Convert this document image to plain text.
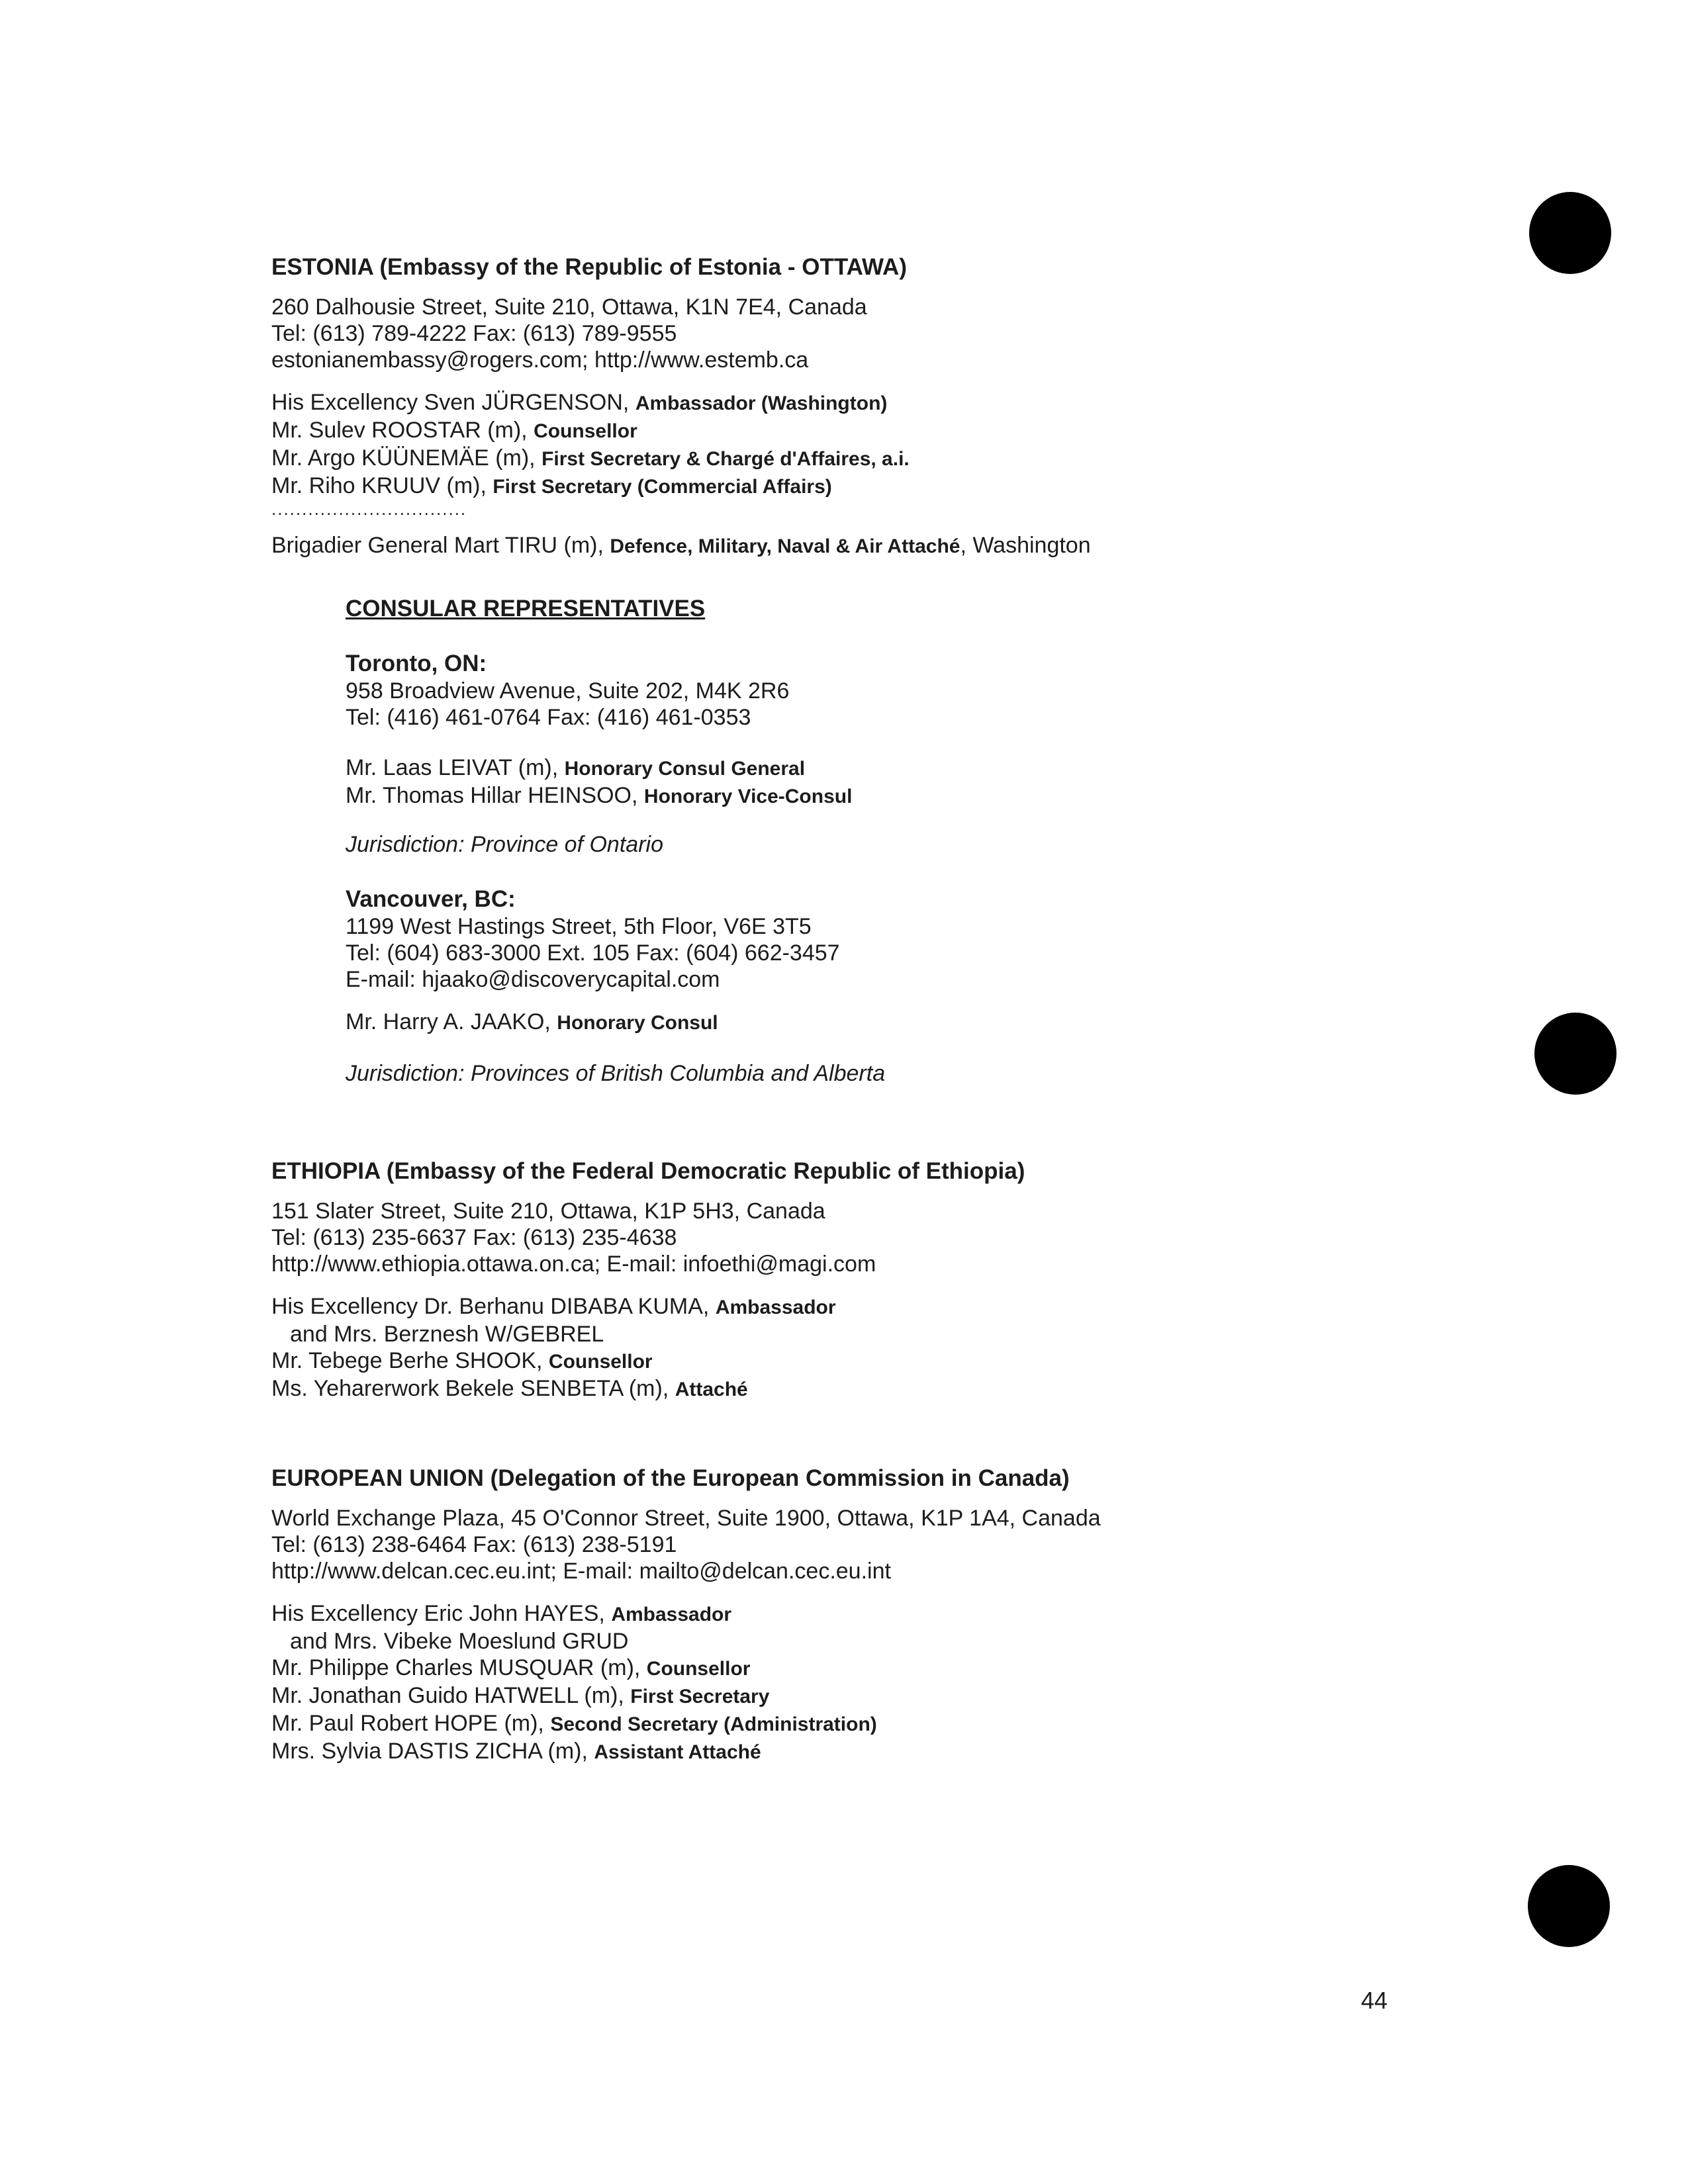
ESTONIA (Embassy of the Republic of Estonia - OTTAWA)
260 Dalhousie Street, Suite 210, Ottawa, K1N 7E4, Canada
Tel: (613) 789-4222 Fax: (613) 789-9555
estonianembassy@rogers.com; http://www.estemb.ca
His Excellency Sven JÜRGENSON, Ambassador (Washington)
Mr. Sulev ROOSTAR (m), Counsellor
Mr. Argo KÜÜNEMÄE (m), First Secretary & Chargé d'Affaires, a.i.
Mr. Riho KRUUV (m), First Secretary (Commercial Affairs)
................................
Brigadier General Mart TIRU (m), Defence, Military, Naval & Air Attaché, Washington
CONSULAR REPRESENTATIVES
Toronto, ON:
958 Broadview Avenue, Suite 202, M4K 2R6
Tel: (416) 461-0764 Fax: (416) 461-0353
Mr. Laas LEIVAT (m), Honorary Consul General
Mr. Thomas Hillar HEINSOO, Honorary Vice-Consul
Jurisdiction: Province of Ontario
Vancouver, BC:
1199 West Hastings Street, 5th Floor, V6E 3T5
Tel: (604) 683-3000 Ext. 105 Fax: (604) 662-3457
E-mail: hjaako@discoverycapital.com
Mr. Harry A. JAAKO, Honorary Consul
Jurisdiction: Provinces of British Columbia and Alberta
ETHIOPIA (Embassy of the Federal Democratic Republic of Ethiopia)
151 Slater Street, Suite 210, Ottawa, K1P 5H3, Canada
Tel: (613) 235-6637 Fax: (613) 235-4638
http://www.ethiopia.ottawa.on.ca; E-mail: infoethi@magi.com
His Excellency Dr. Berhanu DIBABA KUMA, Ambassador
and Mrs. Berznesh W/GEBREL
Mr. Tebege Berhe SHOOK, Counsellor
Ms. Yeharerwork Bekele SENBETA (m), Attaché
EUROPEAN UNION (Delegation of the European Commission in Canada)
World Exchange Plaza, 45 O'Connor Street, Suite 1900, Ottawa, K1P 1A4, Canada
Tel: (613) 238-6464 Fax: (613) 238-5191
http://www.delcan.cec.eu.int; E-mail: mailto@delcan.cec.eu.int
His Excellency Eric John HAYES, Ambassador
and Mrs. Vibeke Moeslund GRUD
Mr. Philippe Charles MUSQUAR (m), Counsellor
Mr. Jonathan Guido HATWELL (m), First Secretary
Mr. Paul Robert HOPE (m), Second Secretary (Administration)
Mrs. Sylvia DASTIS ZICHA (m), Assistant Attaché
44
